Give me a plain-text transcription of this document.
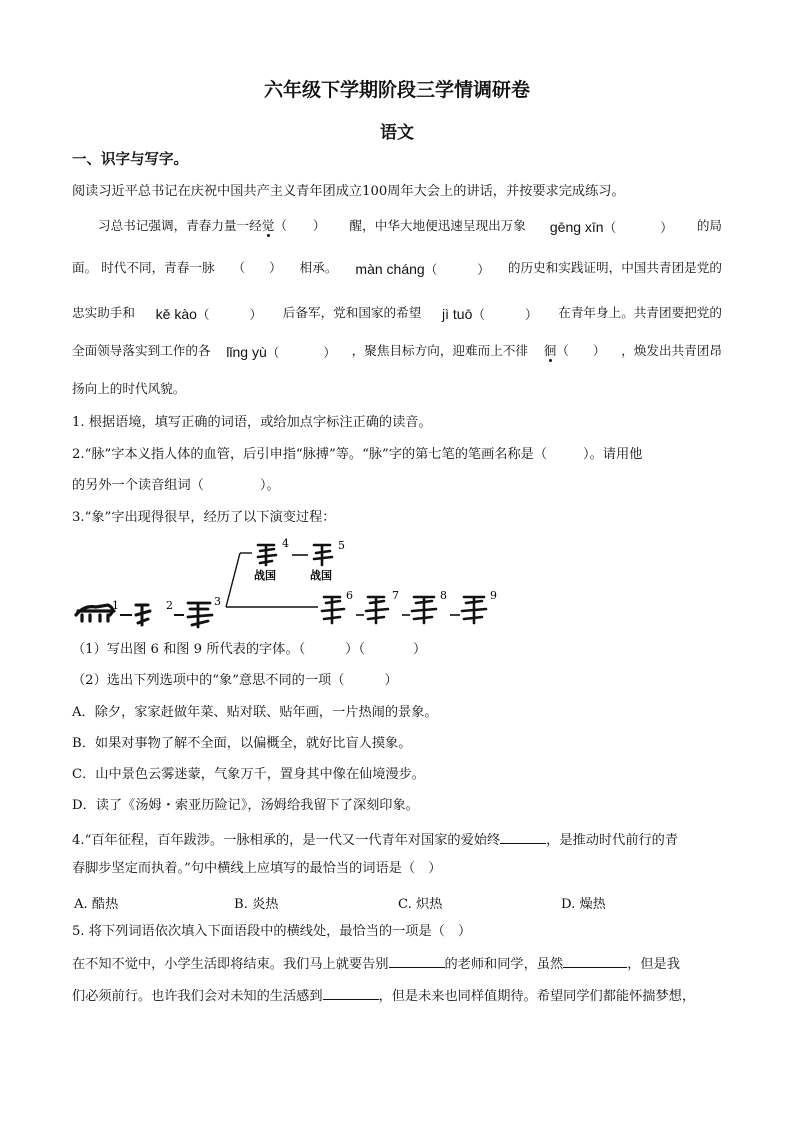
六年级下学期阶段三学情调研卷
语文
一、识字与写字。
阅读习近平总书记在庆祝中国共产主义青年团成立100周年大会上的讲话，并按要求完成练习。
习总书记强调，青春力量一经觉（ ） 醒，中华大地便迅速呈现出万象 gēng xīn（	） 的局
面。 时代不同，青春一脉 （ ） 相承。 màn cháng（	） 的历史和实践证明，中国共青团是党的
忠实助手和 kě kào（	） 后备军，党和国家的希望 jì tuō（	） 在青年身上。共青团要把党的
全面领导落实到工作的各 lǐng yù（	） ，聚焦目标方向，迎难而上不徘 徊（ ） ，焕发出共青团昂
扬向上的时代风貌。
1. 根据语境，填写正确的词语，或给加点字标注正确的读音。
2.“脉”字本义指人体的血管，后引申指“脉搏”等。“脉”字的第七笔的笔画名称是（	）。请用他
的另外一个读音组词（	）。
3.“象”字出现得很早，经历了以下演变过程：
1	2	3
4	5
战国	战国
6	7	8	9
（1）写出图 6 和图 9 所代表的字体。（	）（	）
（2）选出下列选项中的“象”意思不同的一项（	）
A．除夕，家家赶做年菜、贴对联、贴年画，一片热闹的景象。
B．如果对事物了解不全面，以偏概全，就好比盲人摸象。
C．山中景色云雾迷蒙，气象万千，置身其中像在仙境漫步。
D．读了《汤姆・索亚历险记》，汤姆给我留下了深刻印象。
4.“百年征程，百年跋涉。一脉相承的，是一代又一代青年对国家的爱始终	，是推动时代前行的青
春脚步坚定而执着。”句中横线上应填写的最恰当的词语是（　）
A. 酷热	B. 炎热	C. 炽热	D. 燥热
5. 将下列词语依次填入下面语段中的横线处，最恰当的一项是（　）
在不知不觉中，小学生活即将结束。我们马上就要告别	的老师和同学，虽然	，但是我
们必须前行。也许我们会对未知的生活感到	，但是未来也同样值期待。希望同学们都能怀揣梦想，
